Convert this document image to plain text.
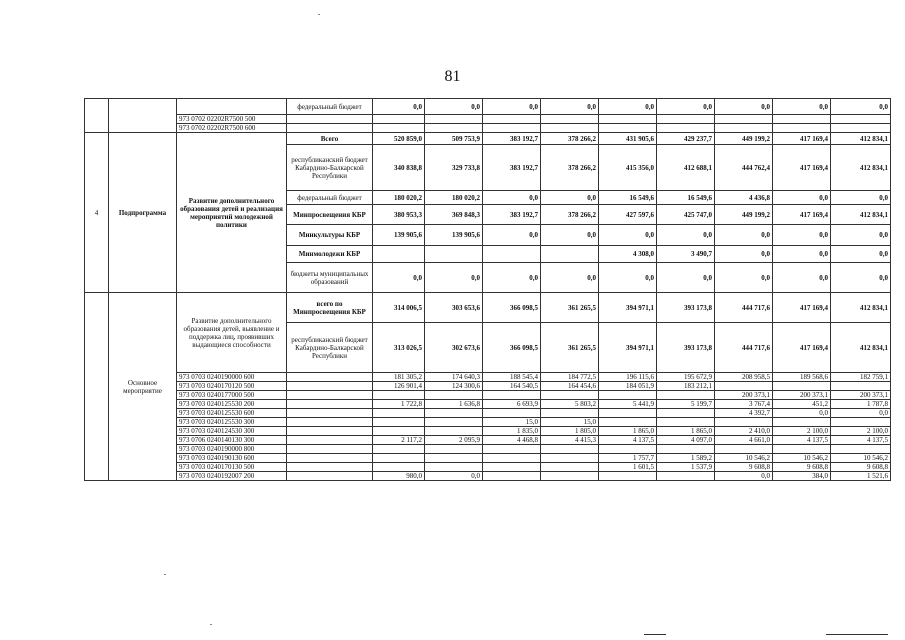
81
			федеральный бюджет	0,0	0,0	0,0	0,0	0,0	0,0	0,0	0,0	0,0
		973 0702 02202R7500 500										
		973 0702 02202R7500 600										
4	Подпрограмма	Развитие дополнительного образования детей и реализация мероприятий молодежной политики	Всего	520 859,0	509 753,9	383 192,7	378 266,2	431 905,6	429 237,7	449 199,2	417 169,4	412 834,1
			республиканский бюджет Кабардино-Балкарской Республики	340 838,8	329 733,8	383 192,7	378 266,2	415 356,0	412 688,1	444 762,4	417 169,4	412 834,1
			федеральный бюджет	180 020,2	180 020,2	0,0	0,0	16 549,6	16 549,6	4 436,8	0,0	0,0
			Минпросвещения КБР	380 953,3	369 848,3	383 192,7	378 266,2	427 597,6	425 747,0	449 199,2	417 169,4	412 834,1
			Минкультуры КБР	139 905,6	139 905,6	0,0	0,0	0,0	0,0	0,0	0,0	0,0
			Минмолодежи КБР					4 308,0	3 490,7	0,0	0,0	0,0
			бюджеты муниципальных образований	0,0	0,0	0,0	0,0	0,0	0,0	0,0	0,0	0,0
	Основное мероприятие	Развитие дополнительного образования детей, выявление и поддержка лиц, проявивших выдающиеся способности	всего по Минпросвещения КБР	314 006,5	303 653,6	366 098,5	361 265,5	394 971,1	393 173,8	444 717,6	417 169,4	412 834,1
			республиканский бюджет Кабардино-Балкарской Республики	313 026,5	302 673,6	366 098,5	361 265,5	394 971,1	393 173,8	444 717,6	417 169,4	412 834,1
		973 0703 0240190000 600		181 305,2	174 640,3	188 545,4	184 772,5	196 115,6	195 672,9	208 958,5	189 568,6	182 759,1
		973 0703 0240170120 500		126 901,4	124 300,6	164 540,5	164 454,6	184 051,9	183 212,1			
		973 0703 0240177000 500								200 373,1	200 373,1	200 373,1
		973 0703 0240125530 200		1 722,8	1 636,8	6 693,9	5 803,2	5 441,9	5 199,7	3 767,4	451,2	1 787,8
		973 0703 0240125530 600								4 392,7	0,0	0,0
		973 0703 0240125530 300				15,0	15,0					
		973 0703 0240124530 300				1 835,0	1 805,0	1 865,0	1 865,0	2 410,0	2 100,0	2 100,0
		973 0706 0240140130 300		2 117,2	2 095,9	4 468,8	4 415,3	4 137,5	4 097,0	4 661,0	4 137,5	4 137,5
		973 0703 0240190000 800										
		973 0703 0240190130 600						1 757,7	1 589,2	10 546,2	10 546,2	10 546,2
		973 0703 0240170130 500						1 601,5	1 537,9	9 608,8	9 608,8	9 608,8
		973 0703 0240192007 200		980,0	0,0					0,0	384,0	1 521,6
